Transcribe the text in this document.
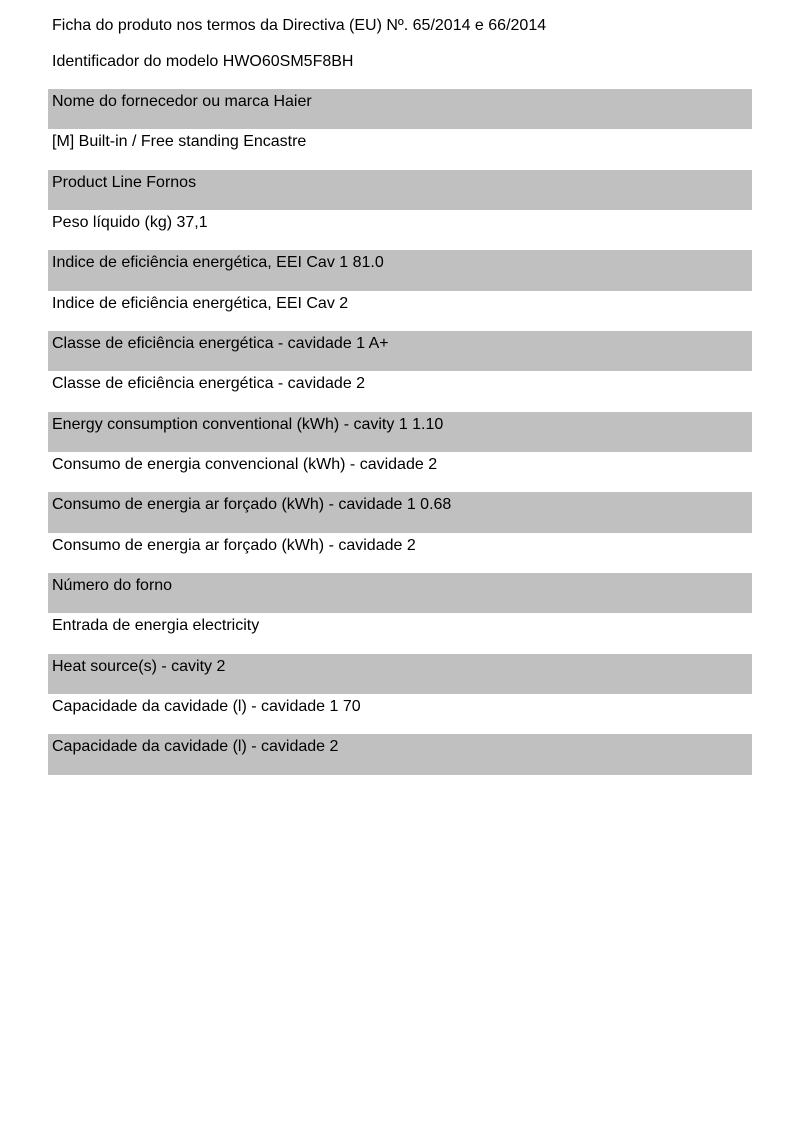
Ficha do produto nos termos da Directiva (EU) Nº. 65/2014 e 66/2014
Identificador do modelo HWO60SM5F8BH
Nome do fornecedor ou marca Haier
[M] Built-in / Free standing Encastre
Product Line Fornos
Peso líquido (kg) 37,1
Indice de eficiência energética, EEI Cav 1 81.0
Indice de eficiência energética, EEI Cav 2
Classe de eficiência energética - cavidade 1 A+
Classe de eficiência energética - cavidade 2
Energy consumption conventional (kWh) - cavity 1 1.10
Consumo de energia convencional (kWh) - cavidade 2
Consumo de energia ar forçado (kWh) - cavidade 1 0.68
Consumo de energia ar forçado (kWh) - cavidade 2
Número do forno
Entrada de energia electricity
Heat source(s) - cavity 2
Capacidade da cavidade (l) - cavidade 1 70
Capacidade da cavidade (l) - cavidade 2
